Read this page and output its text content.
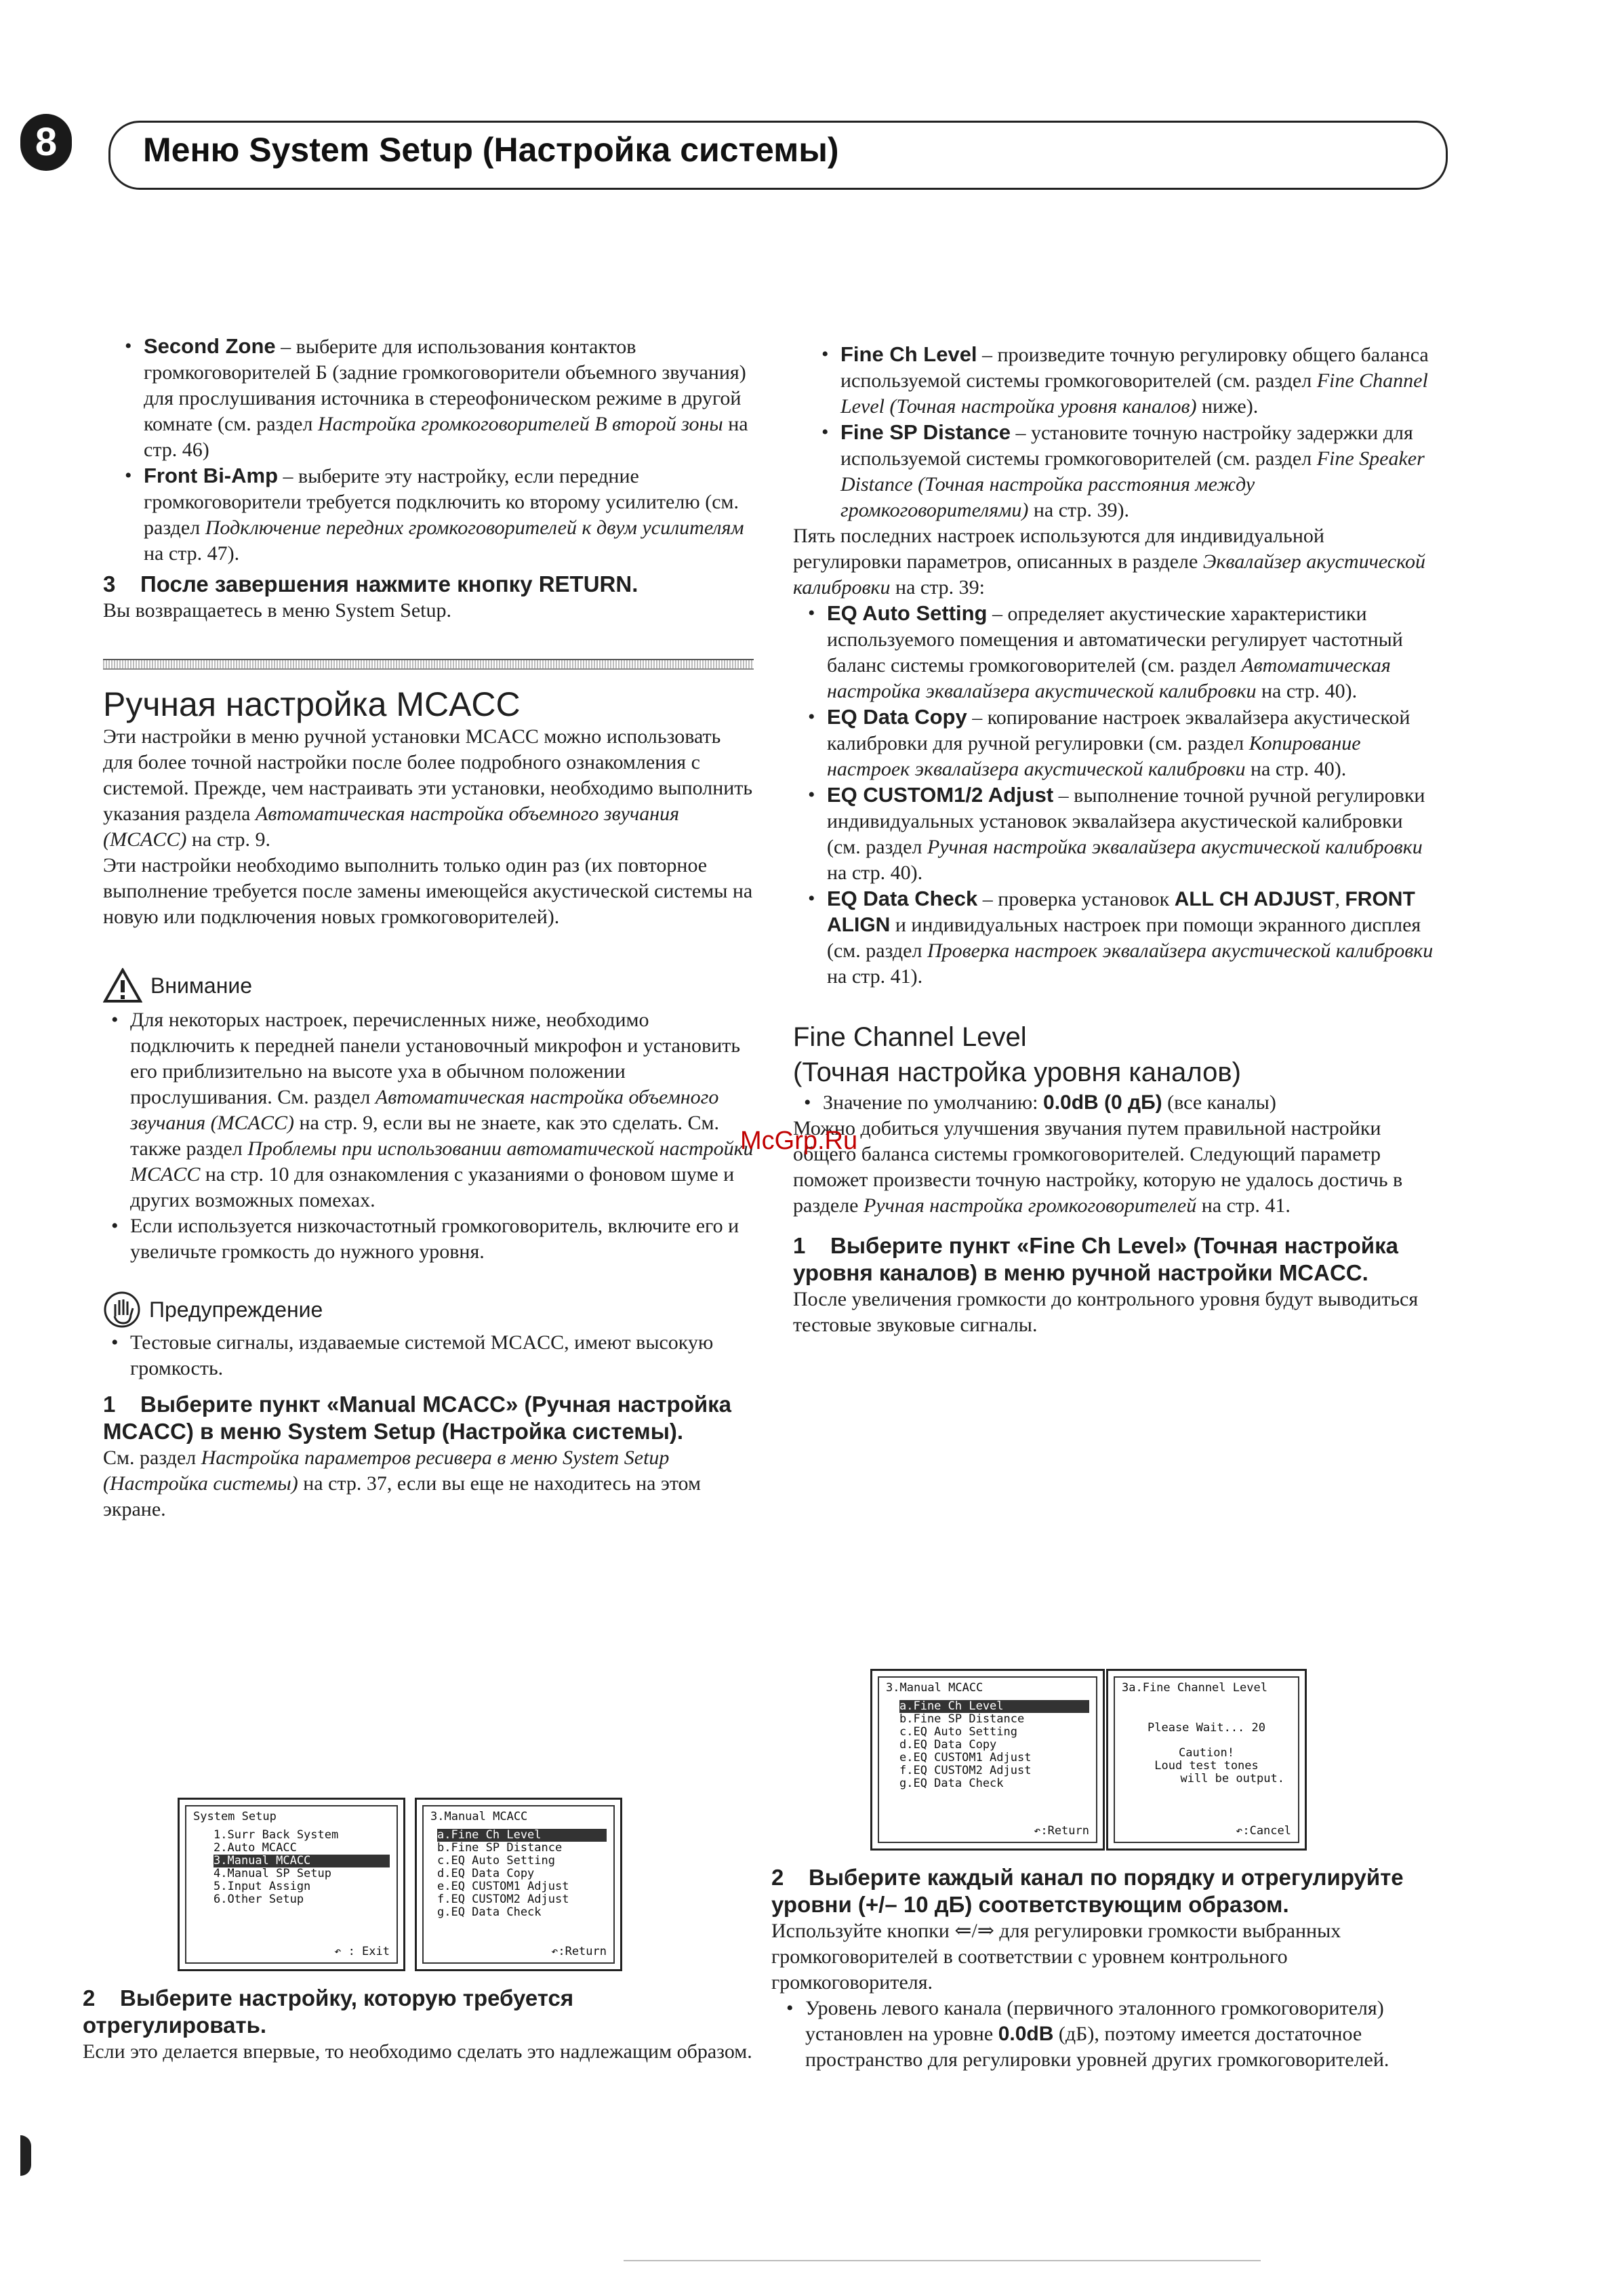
8	Меню System Setup (Настройка системы)
• Second Zone – выберите для использования контактов громкоговорителей Б (задние громкоговорители объемного звучания) для прослушивания источника в стереофоническом режиме в другой комнате (см. раздел Настройка громкоговорителей В второй зоны на стр. 46)
• Front Bi-Amp – выберите эту настройку, если передние громкоговорители требуется подключить ко второму усилителю (см. раздел Подключение передних громкоговорителей к двум усилителям на стр. 47).

3 После завершения нажмите кнопку RETURN.

Вы возвращаетесь в меню System Setup.

Ручная настройка MCACC

Эти настройки в меню ручной установки MCACC можно использовать для более точной настройки после более подробного ознакомления с системой. Прежде, чем настраивать эти установки, необходимо выполнить указания раздела Автоматическая настройка объемного звучания (MCACC) на стр. 9.

Эти настройки необходимо выполнить только один раз (их повторное выполнение требуется после замены имеющейся акустической системы на новую или подключения новых громкоговорителей).

Внимание
• Для некоторых настроек, перечисленных ниже, необходимо подключить к передней панели установочный микрофон и установить его приблизительно на высоте уха в обычном положении прослушивания. См. раздел Автоматическая настройка объемного звучания (MCACC) на стр. 9, если вы не знаете, как это сделать. См. также раздел Проблемы при использовании автоматической настройки MCACC на стр. 10 для ознакомления с указаниями о фоновом шуме и других возможных помехах.
• Если используется низкочастотный громкоговоритель, включите его и увеличьте громкость до нужного уровня.
Предупреждение
• Тестовые сигналы, издаваемые системой MCACC, имеют высокую громкость.

1 Выберите пункт «Manual MCACC» (Ручная настройка MCACC) в меню System Setup (Настройка системы).

См. раздел Настройка параметров ресивера в меню System Setup (Настройка системы) на стр. 37, если вы еще не находитесь на этом экране.

System Setup

1.Surr Back System
2.Auto MCACC
3.Manual MCACC
4.Manual SP Setup
5.Input Assign
6.Other Setup
↶ : Exit

3.Manual MCACC

a.Fine Ch Level
b.Fine SP Distance
c.EQ Auto Setting
d.EQ Data Copy
e.EQ CUSTOM1 Adjust
f.EQ CUSTOM2 Adjust
g.EQ Data Check
↶:Return

2 Выберите настройку, которую требуется отрегулировать.

Если это делается впервые, то необходимо сделать это надлежащим образом.

• Fine Ch Level – произведите точную регулировку общего баланса используемой системы громкоговорителей (см. раздел Fine Channel Level (Точная настройка уровня каналов) ниже).
• Fine SP Distance – установите точную настройку задержки для используемой системы громкоговорителей (см. раздел Fine Speaker Distance (Точная настройка расстояния между громкоговорителями) на стр. 39).

Пять последних настроек используются для индивидуальной регулировки параметров, описанных в разделе Эквалайзер акустической калибровки на стр. 39:

• EQ Auto Setting – определяет акустические характеристики используемого помещения и автоматически регулирует частотный баланс системы громкоговорителей (см. раздел Автоматическая настройка эквалайзера акустической калибровки на стр. 40).
• EQ Data Copy – копирование настроек эквалайзера акустической калибровки для ручной регулировки (см. раздел Копирование настроек эквалайзера акустической калибровки на стр. 40).
• EQ CUSTOM1/2 Adjust – выполнение точной ручной регулировки индивидуальных установок эквалайзера акустической калибровки (см. раздел Ручная настройка эквалайзера акустической калибровки на стр. 40).
• EQ Data Check – проверка установок ALL CH ADJUST, FRONT ALIGN и индивидуальных настроек при помощи экранного дисплея (см. раздел Проверка настроек эквалайзера акустической калибровки на стр. 41).

Fine Channel Level
(Точная настройка уровня каналов)

• Значение по умолчанию: 0.0dB (0 дБ) (все каналы)

Можно добиться улучшения звучания путем правильной настройки общего баланса системы громкоговорителей. Следующий параметр поможет произвести точную настройку, которую не удалось достичь в разделе Ручная настройка громкоговорителей на стр. 41.

1 Выберите пункт «Fine Ch Level» (Точная настройка уровня каналов) в меню ручной настройки MCACC.

После увеличения громкости до контрольного уровня будут выводиться тестовые звуковые сигналы.

McGrp.Ru

3.Manual MCACC

a.Fine Ch Level
b.Fine SP Distance
c.EQ Auto Setting
d.EQ Data Copy
e.EQ CUSTOM1 Adjust
f.EQ CUSTOM2 Adjust
g.EQ Data Check
↶:Return

3a.Fine Channel Level

Please Wait... 20

Caution!

Loud test tones

will be output.

↶:Cancel

2 Выберите каждый канал по порядку и отрегулируйте уровни (+/– 10 дБ) соответствующим образом.

Используйте кнопки ⇐/⇒ для регулировки громкости выбранных громкоговорителей в соответствии с уровнем контрольного громкоговорителя.

• Уровень левого канала (первичного эталонного громкоговорителя) установлен на уровне 0.0dB (дБ), поэтому имеется достаточное пространство для регулировки уровней других громкоговорителей.
